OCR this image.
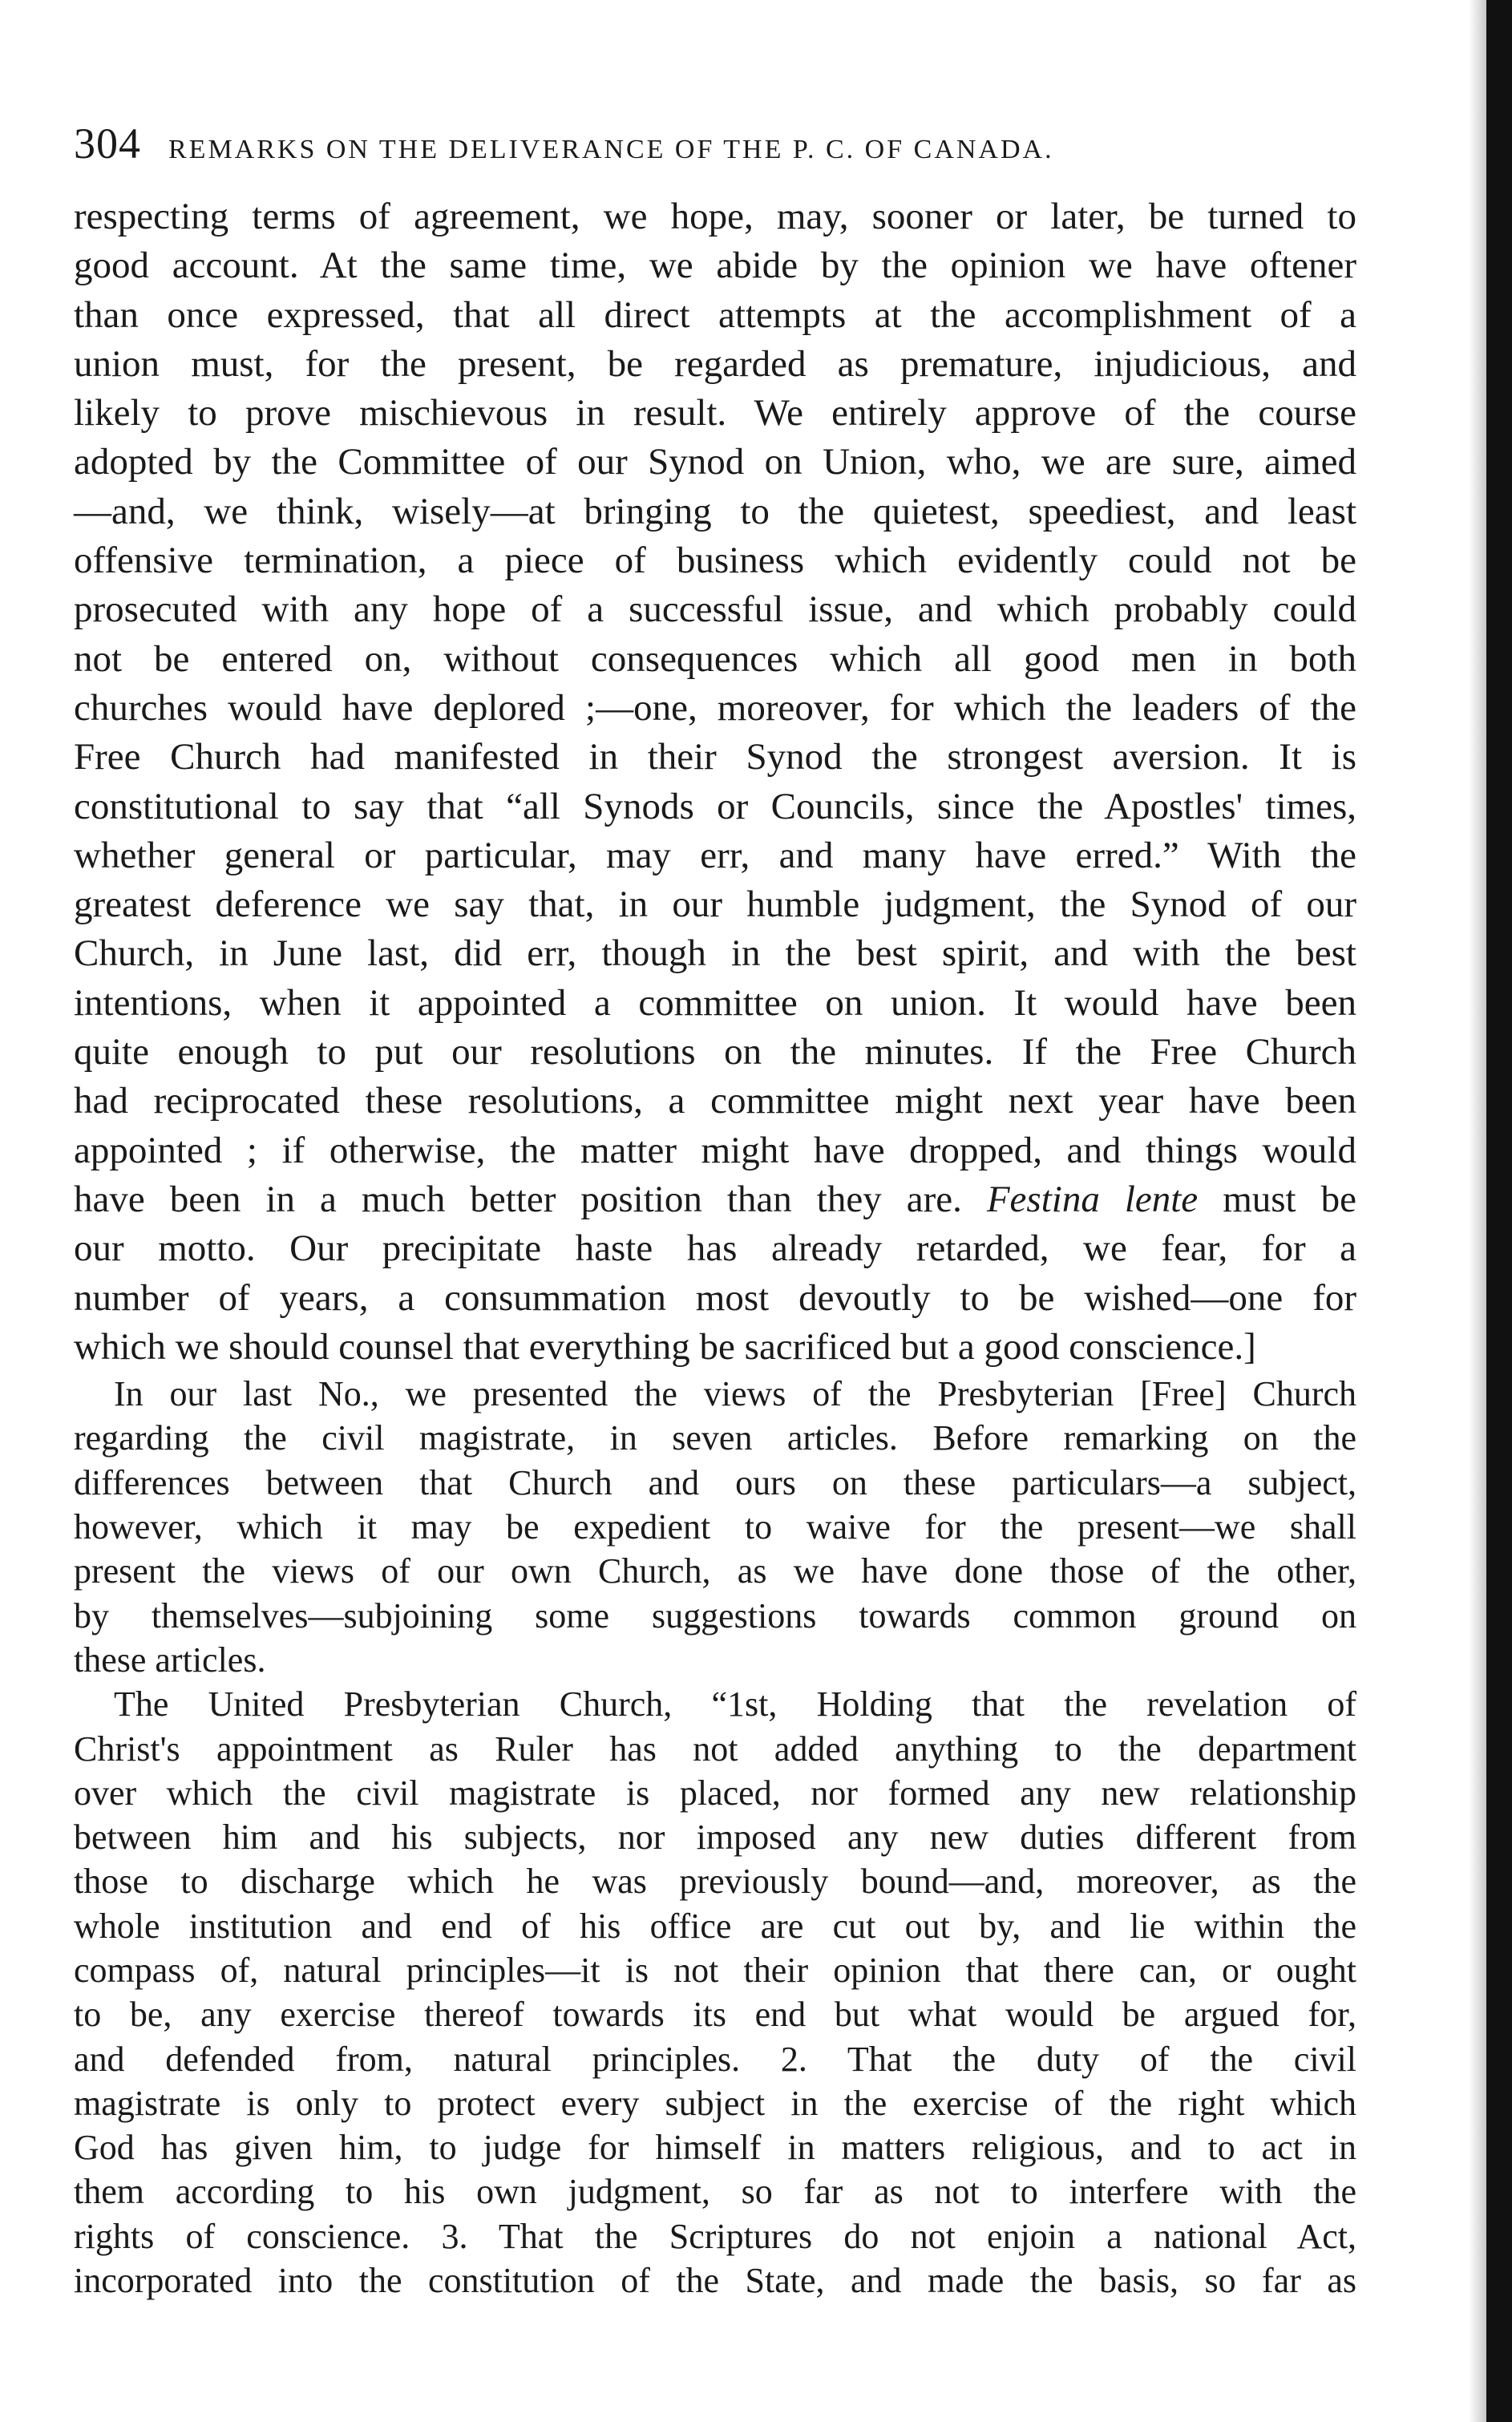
304 REMARKS ON THE DELIVERANCE OF THE P. C. OF CANADA.
respecting terms of agreement, we hope, may, sooner or later, be turned to
good account. At the same time, we abide by the opinion we have oftener
than once expressed, that all direct attempts at the accomplishment of a
union must, for the present, be regarded as premature, injudicious, and
likely to prove mischievous in result. We entirely approve of the course
adopted by the Committee of our Synod on Union, who, we are sure, aimed
—and, we think, wisely—at bringing to the quietest, speediest, and least
offensive termination, a piece of business which evidently could not be
prosecuted with any hope of a successful issue, and which probably could
not be entered on, without consequences which all good men in both
churches would have deplored ;—one, moreover, for which the leaders of the
Free Church had manifested in their Synod the strongest aversion. It is
constitutional to say that “all Synods or Councils, since the Apostles' times,
whether general or particular, may err, and many have erred.” With the
greatest deference we say that, in our humble judgment, the Synod of our
Church, in June last, did err, though in the best spirit, and with the best
intentions, when it appointed a committee on union. It would have been
quite enough to put our resolutions on the minutes. If the Free Church
had reciprocated these resolutions, a committee might next year have been
appointed ; if otherwise, the matter might have dropped, and things would
have been in a much better position than they are. Festina lente must be
our motto. Our precipitate haste has already retarded, we fear, for a
number of years, a consummation most devoutly to be wished—one for
which we should counsel that everything be sacrificed but a good conscience.]
In our last No., we presented the views of the Presbyterian [Free] Church
regarding the civil magistrate, in seven articles. Before remarking on the
differences between that Church and ours on these particulars—a subject,
however, which it may be expedient to waive for the present—we shall
present the views of our own Church, as we have done those of the other,
by themselves—subjoining some suggestions towards common ground on
these articles.
The United Presbyterian Church, “1st, Holding that the revelation of
Christ's appointment as Ruler has not added anything to the department
over which the civil magistrate is placed, nor formed any new relationship
between him and his subjects, nor imposed any new duties different from
those to discharge which he was previously bound—and, moreover, as the
whole institution and end of his office are cut out by, and lie within the
compass of, natural principles—it is not their opinion that there can, or ought
to be, any exercise thereof towards its end but what would be argued for,
and defended from, natural principles. 2. That the duty of the civil
magistrate is only to protect every subject in the exercise of the right which
God has given him, to judge for himself in matters religious, and to act in
them according to his own judgment, so far as not to interfere with the
rights of conscience. 3. That the Scriptures do not enjoin a national Act,
incorporated into the constitution of the State, and made the basis, so far as
